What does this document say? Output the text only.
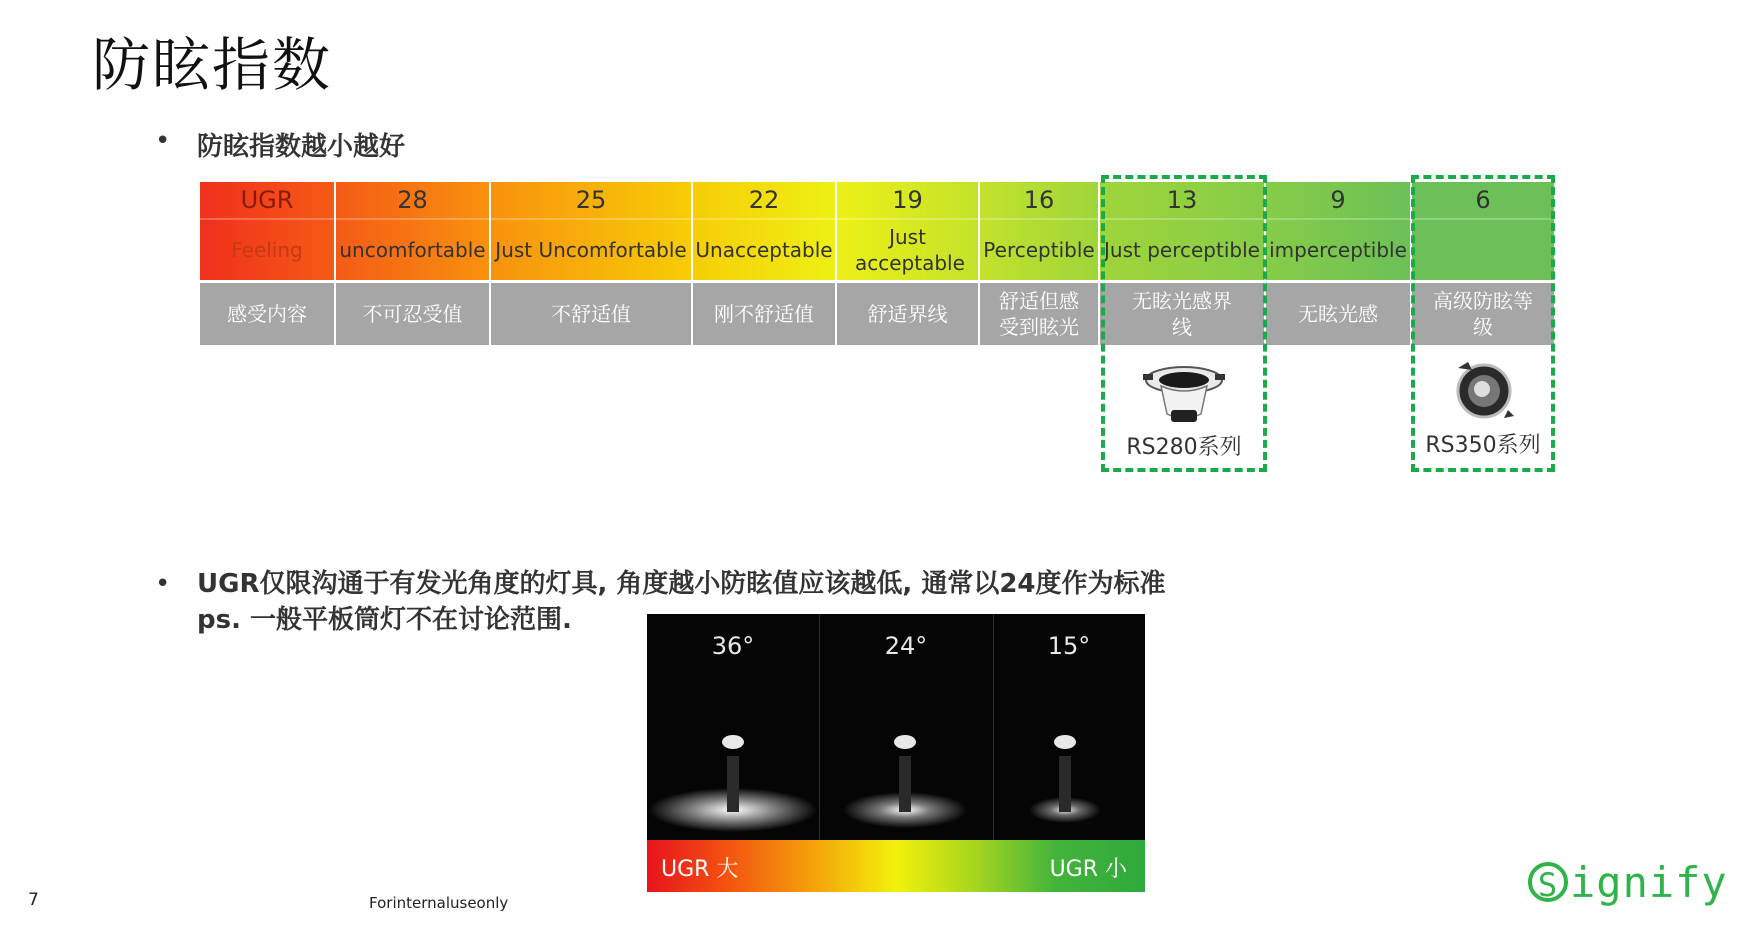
防眩指数
• 防眩指数越小越好
UGR	28	25	22	19	16	13	9	6
Feeling	uncomfortable	Just Uncomfortable	Unacceptable	Just acceptable	Perceptible	Just perceptible	imperceptible	
感受内容	不可忍受值	不舒适值	刚不舒适值	舒适界线	舒适但感受到眩光	无眩光感界线	无眩光感	高级防眩等级
RS280系列	RS350系列
• UGR仅限沟通于有发光角度的灯具, 角度越小防眩值应该越低, 通常以24度作为标准
ps. 一般平板筒灯不在讨论范围.
36°	24°	15°
UGR 大	UGR 小
7	Forinternaluseonly	S ignify
